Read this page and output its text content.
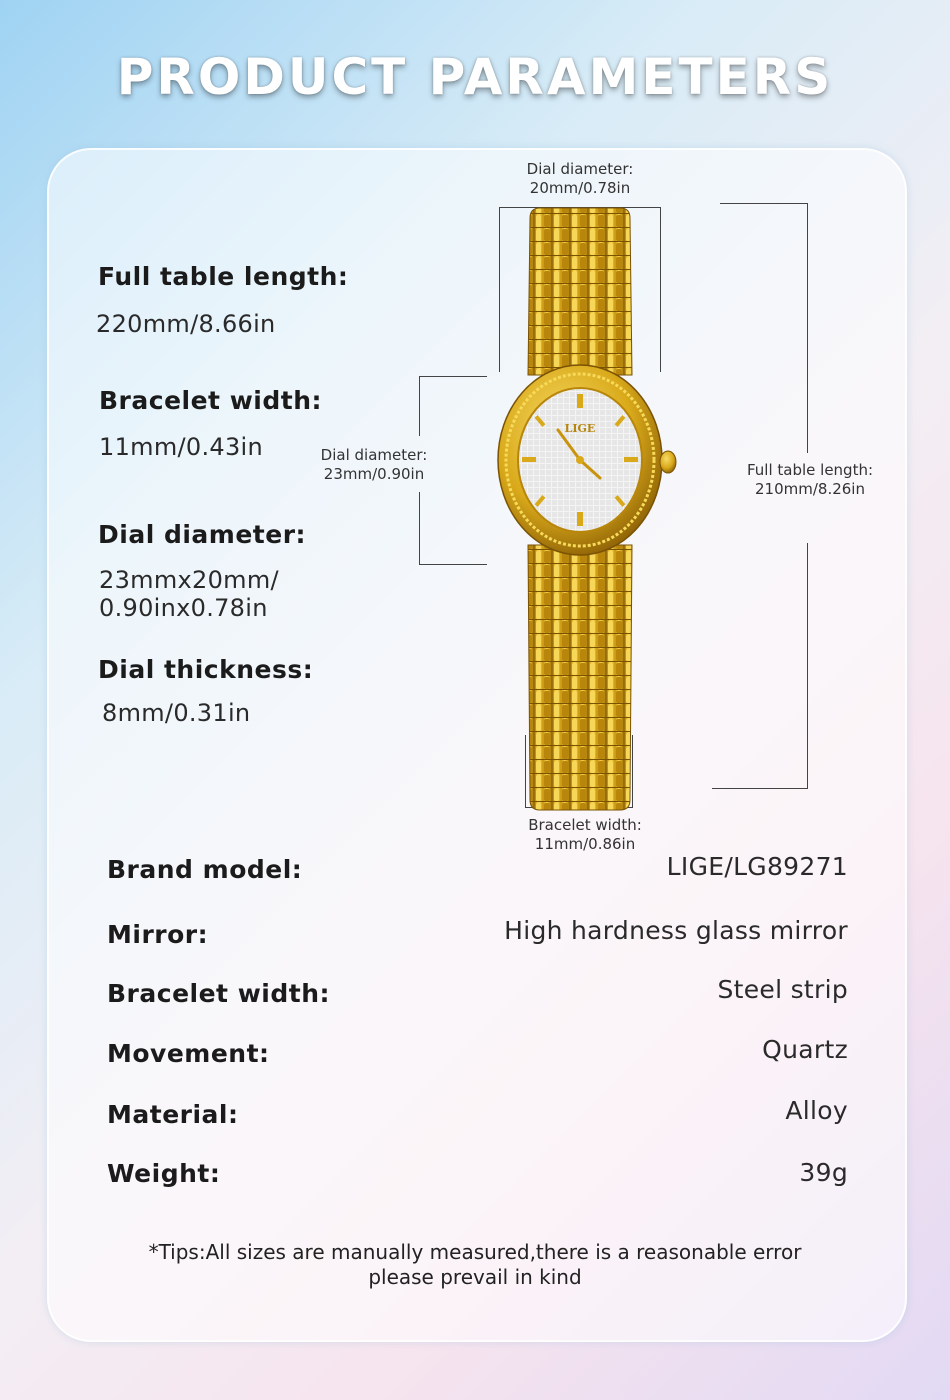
PRODUCT PARAMETERS
Full table length:
220mm/8.66in
Bracelet width:
11mm/0.43in
Dial diameter:
23mmx20mm/
0.90inx0.78in
Dial thickness:
8mm/0.31in
Dial diameter:
20mm/0.78in
Dial diameter:
23mm/0.90in	Full table length:
210mm/8.26in
Bracelet width:
11mm/0.86in
LIGE
Brand model:	LIGE/LG89271
Mirror:	High hardness glass mirror
Bracelet width:	Steel strip
Movement:	Quartz
Material:	Alloy
Weight:	39g
*Tips:All sizes are manually measured,there is a reasonable error
please prevail in kind
